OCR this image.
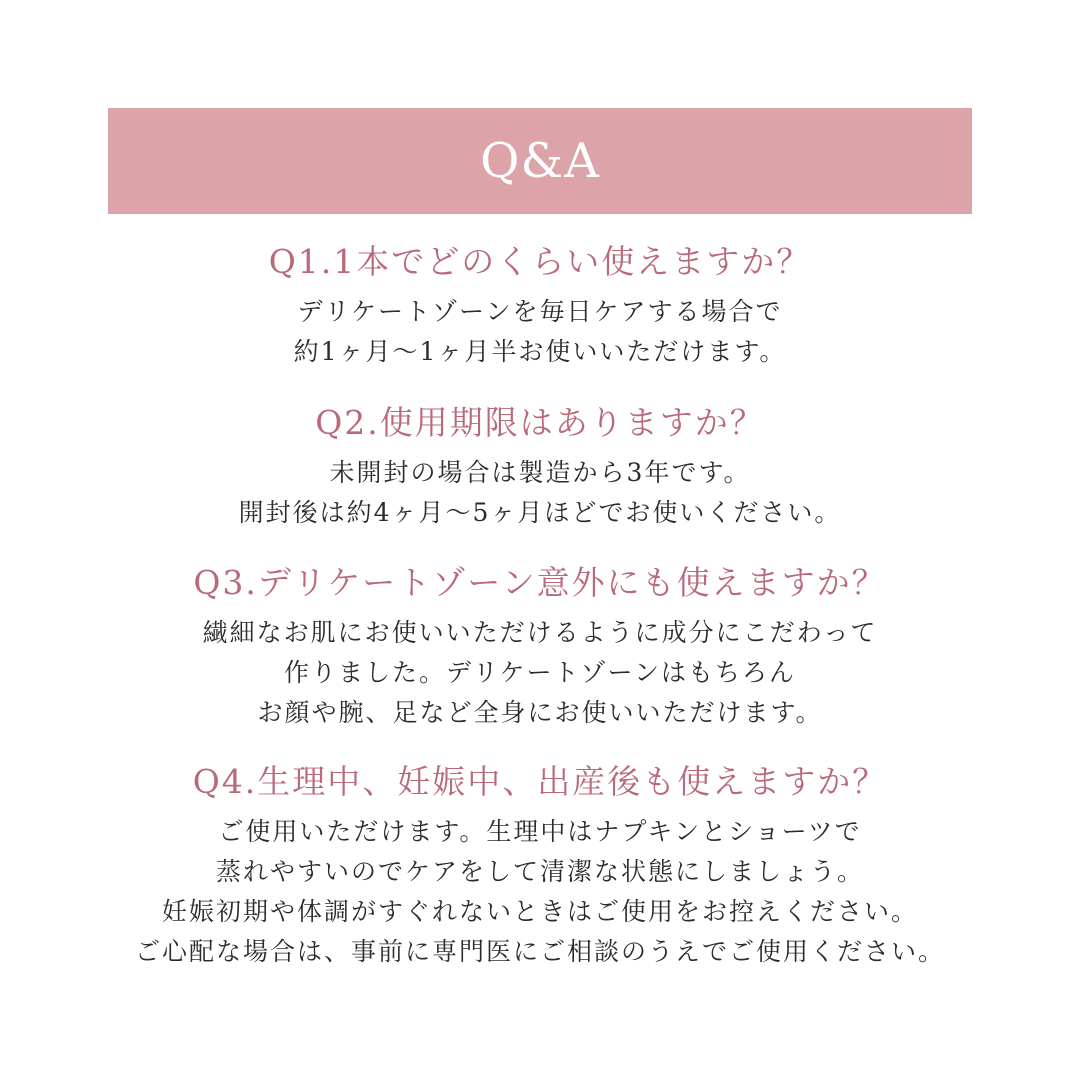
Q&A

Q1.1本でどのくらい使えますか？

デリケートゾーンを毎日ケアする場合で
約1ヶ月〜1ヶ月半お使いいただけます。

Q2.使用期限はありますか？

未開封の場合は製造から3年です。
開封後は約4ヶ月〜5ヶ月ほどでお使いください。

Q3.デリケートゾーン意外にも使えますか？

繊細なお肌にお使いいただけるように成分にこだわって
作りました。デリケートゾーンはもちろん
お顔や腕、足など全身にお使いいただけます。

Q4.生理中、妊娠中、出産後も使えますか？

ご使用いただけます。生理中はナプキンとショーツで
蒸れやすいのでケアをして清潔な状態にしましょう。
妊娠初期や体調がすぐれないときはご使用をお控えください。
ご心配な場合は、事前に専門医にご相談のうえでご使用ください。
